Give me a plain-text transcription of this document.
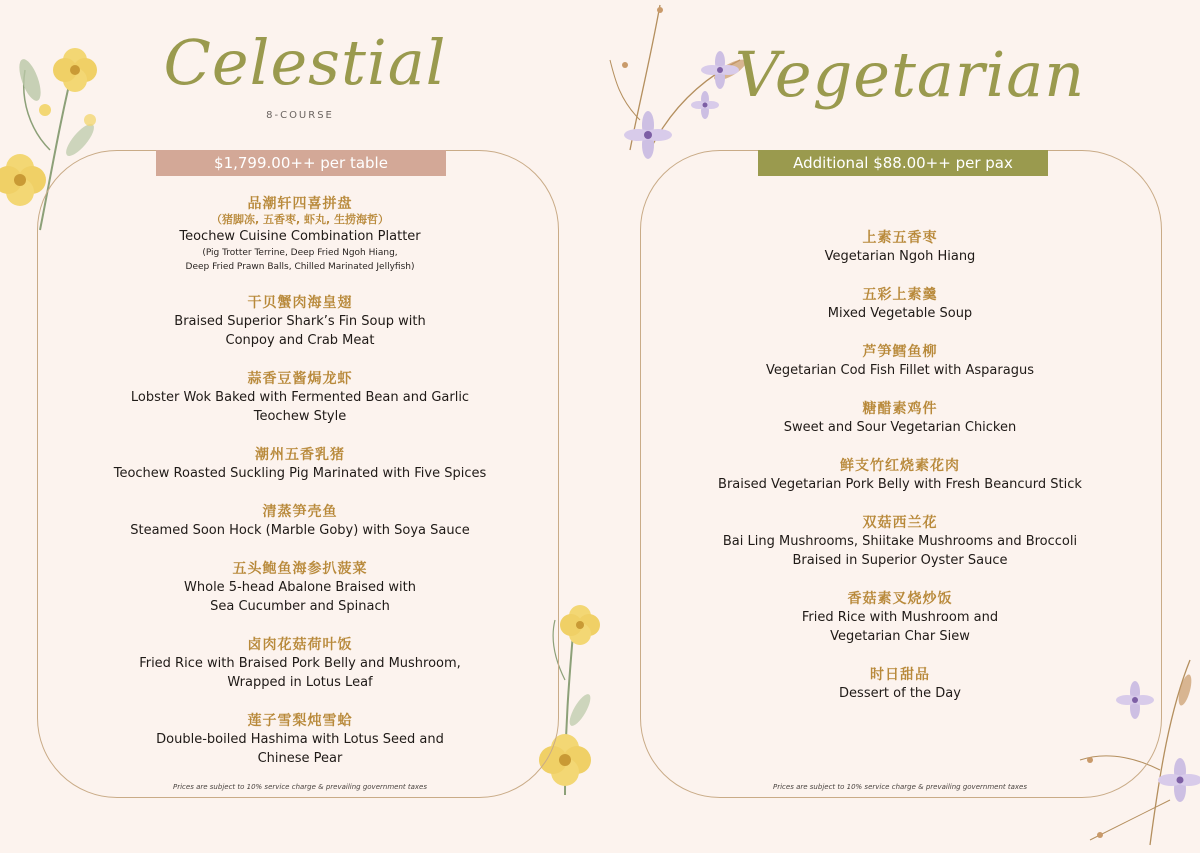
Celestial
8-COURSE
$1,799.00++ per table
品潮轩四喜拼盘
（猪脚冻, 五香枣, 虾丸, 生捞海哲）
Teochew Cuisine Combination Platter
(Pig Trotter Terrine, Deep Fried Ngoh Hiang,
Deep Fried Prawn Balls, Chilled Marinated Jellyfish)
干贝蟹肉海皇翅
Braised Superior Shark’s Fin Soup with
Conpoy and Crab Meat
蒜香豆酱焗龙虾
Lobster Wok Baked with Fermented Bean and Garlic
Teochew Style
潮州五香乳猪
Teochew Roasted Suckling Pig Marinated with Five Spices
清蒸笋壳鱼
Steamed Soon Hock (Marble Goby) with Soya Sauce
五头鲍鱼海参扒菠菜
Whole 5-head Abalone Braised with
Sea Cucumber and Spinach
卤肉花菇荷叶饭
Fried Rice with Braised Pork Belly and Mushroom,
Wrapped in Lotus Leaf
莲子雪梨炖雪蛤
Double-boiled Hashima with Lotus Seed and
Chinese Pear
Prices are subject to 10% service charge & prevailing government taxes
Vegetarian
Additional $88.00++ per pax
上素五香枣
Vegetarian Ngoh Hiang
五彩上素羹
Mixed Vegetable Soup
芦笋鳕鱼柳
Vegetarian Cod Fish Fillet with Asparagus
糖醋素鸡件
Sweet and Sour Vegetarian Chicken
鲜支竹红烧素花肉
Braised Vegetarian Pork Belly with Fresh Beancurd Stick
双菇西兰花
Bai Ling Mushrooms, Shiitake Mushrooms and Broccoli
Braised in Superior Oyster Sauce
香菇素叉烧炒饭
Fried Rice with Mushroom and
Vegetarian Char Siew
时日甜品
Dessert of the Day
Prices are subject to 10% service charge & prevailing government taxes
